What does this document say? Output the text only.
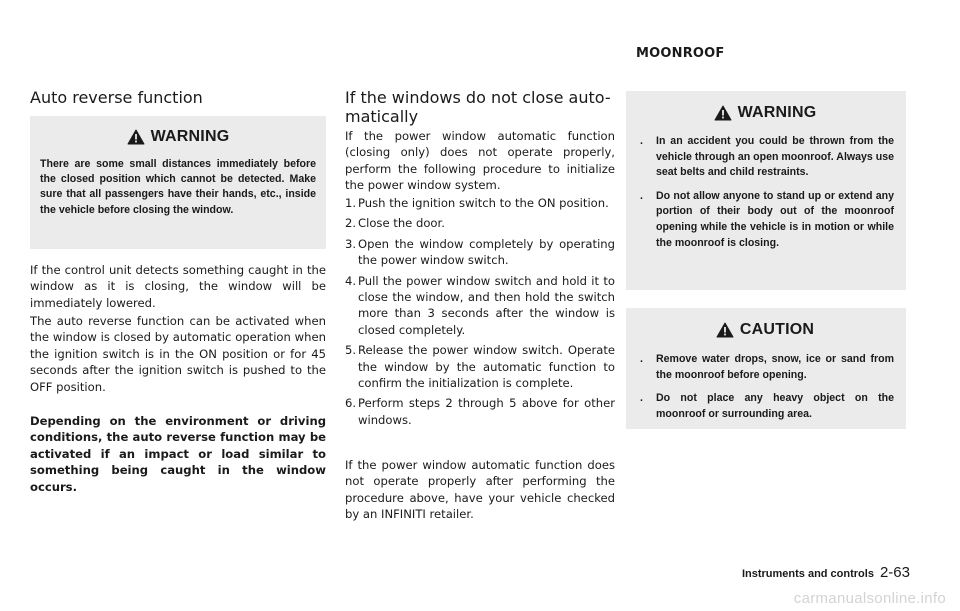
Auto reverse function
WARNING
There are some small distances immediately before the closed position which cannot be detected. Make sure that all passengers have their hands, etc., inside the vehicle before closing the window.

If the control unit detects something caught in the window as it is closing, the window will be immediately lowered.

The auto reverse function can be activated when the window is closed by automatic operation when the ignition switch is in the ON position or for 45 seconds after the ignition switch is pushed to the OFF position.

Depending on the environment or driving conditions, the auto reverse function may be activated if an impact or load similar to something being caught in the window occurs.

If the windows do not close auto-
matically

If the power window automatic function (closing only) does not operate properly, perform the following procedure to initialize the power window system.

1. Push the ignition switch to the ON position.
2. Close the door.
3. Open the window completely by operating the power window switch.
4. Pull the power window switch and hold it to close the window, and then hold the switch more than 3 seconds after the window is closed completely.
5. Release the power window switch. Operate the window by the automatic function to confirm the initialization is complete.
6. Perform steps 2 through 5 above for other windows.

If the power window automatic function does not operate properly after performing the procedure above, have your vehicle checked by an INFINITI retailer.

MOONROOF
WARNING
. In an accident you could be thrown from the vehicle through an open moonroof. Always use seat belts and child restraints.
. Do not allow anyone to stand up or extend any portion of their body out of the moonroof opening while the vehicle is in motion or while the moonroof is closing.
CAUTION
. Remove water drops, snow, ice or sand from the moonroof before opening.
. Do not place any heavy object on the moonroof or surrounding area.
Instruments and controls 2-63
carmanualsonline.info
